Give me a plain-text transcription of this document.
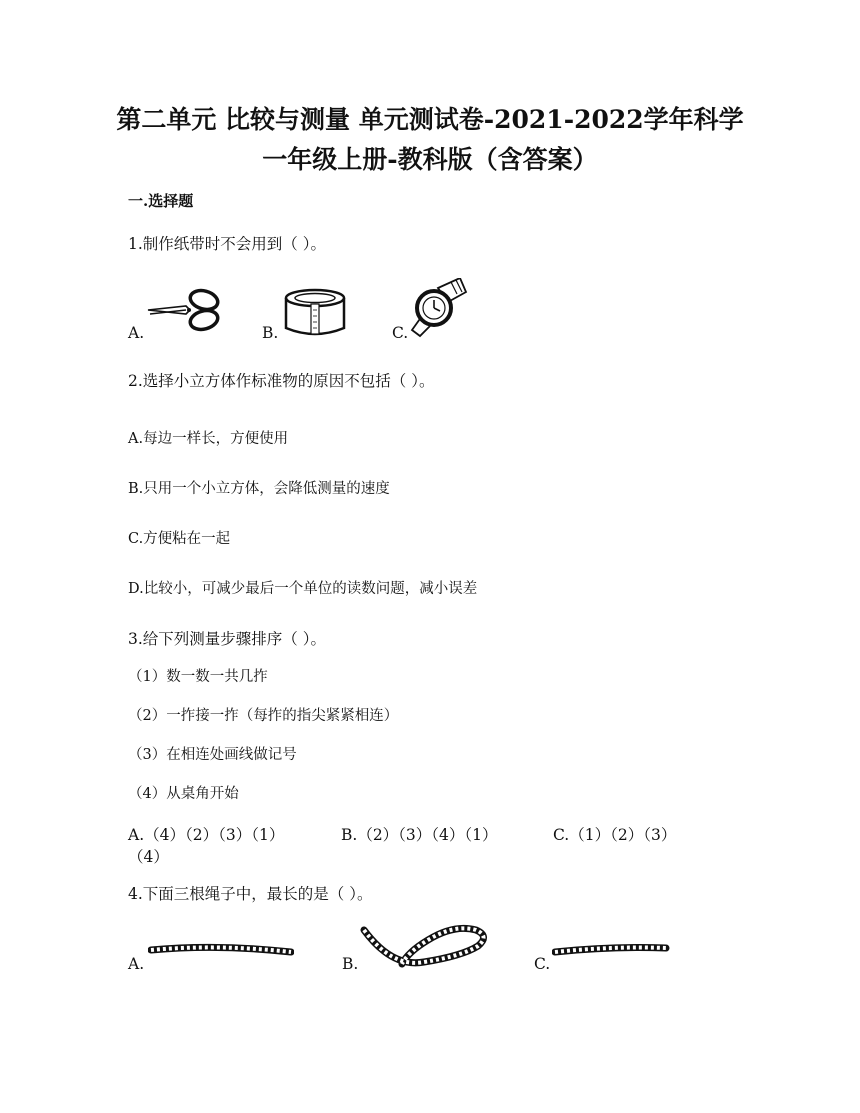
第二单元 比较与测量 单元测试卷-2021-2022学年科学
一年级上册-教科版（含答案）
一.选择题
1.制作纸带时不会用到（ ）。
A.	B.	C.
2.选择小立方体作标准物的原因不包括（ ）。
A.每边一样长，方便使用
B.只用一个小立方体，会降低测量的速度
C.方便粘在一起
D.比较小，可减少最后一个单位的读数问题，减小误差
3.给下列测量步骤排序（ ）。
（1）数一数一共几拃
（2）一拃接一拃（每拃的指尖紧紧相连）
（3）在相连处画线做记号
（4）从桌角开始
A.（4）（2）（3）（1）	B.（2）（3）（4）（1）	C.（1）（2）（3）
（4）
4.下面三根绳子中，最长的是（ ）。
A.	B.	C.
